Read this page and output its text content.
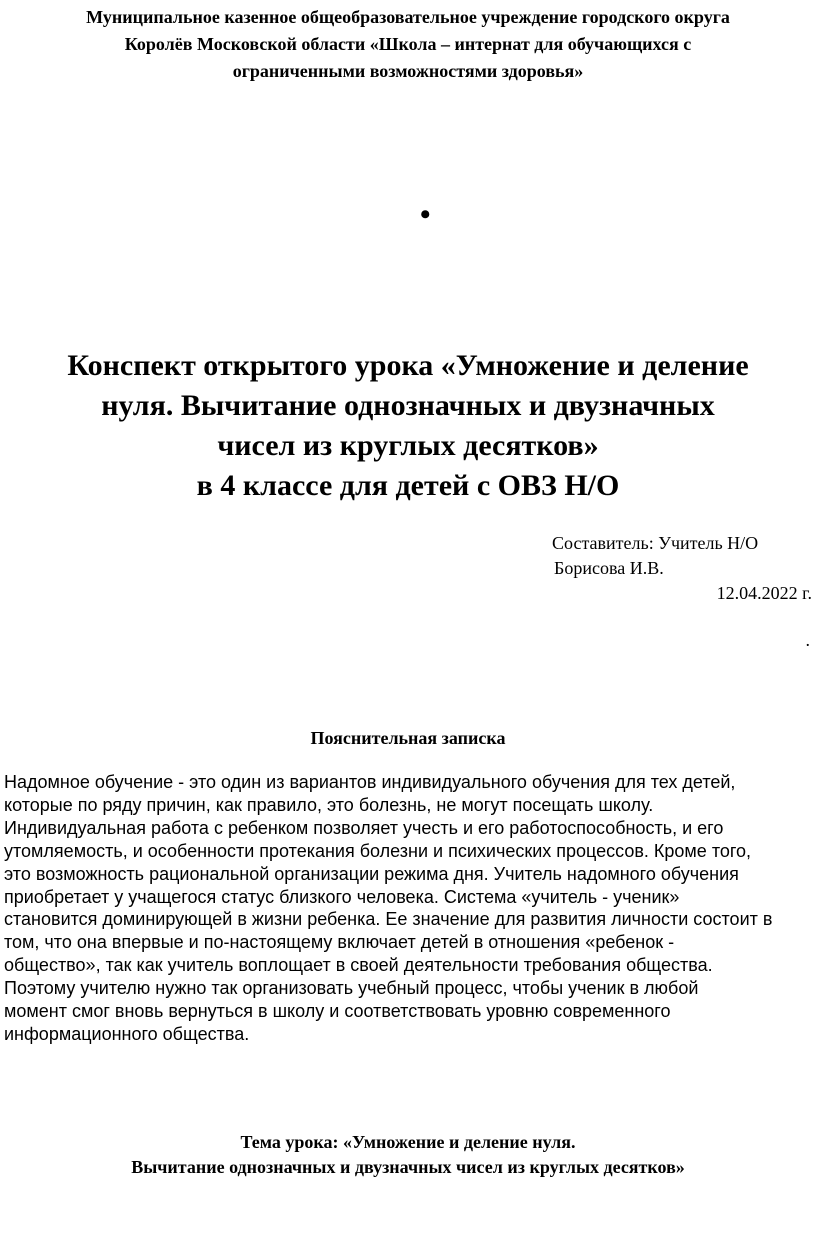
Муниципальное казенное общеобразовательное учреждение городского округа
Королёв Московской области «Школа – интернат для обучающихся с
ограниченными возможностями здоровья»
•
Конспект открытого урока «Умножение и деление
нуля. Вычитание однозначных и двузначных
чисел из круглых десятков»
в 4 классе для детей с ОВЗ Н/О
Составитель: Учитель Н/О
Борисова И.В.
12.04.2022 г.
.
Пояснительная записка
Надомное обучение - это один из вариантов индивидуального обучения для тех детей,
которые по ряду причин, как правило, это болезнь, не могут посещать школу.
Индивидуальная работа с ребенком позволяет учесть и его работоспособность, и его
утомляемость, и особенности протекания болезни и психических процессов. Кроме того,
это возможность рациональной организации режима дня. Учитель надомного обучения
приобретает у учащегося статус близкого человека. Система «учитель - ученик»
становится доминирующей в жизни ребенка. Ее значение для развития личности состоит в
том, что она впервые и по-настоящему включает детей в отношения «ребенок -
общество», так как учитель воплощает в своей деятельности требования общества.
Поэтому учителю нужно так организовать учебный процесс, чтобы ученик в любой
момент смог вновь вернуться в школу и соответствовать уровню современного
информационного общества.
Тема урока: «Умножение и деление нуля.
Вычитание однозначных и двузначных чисел из круглых десятков»
